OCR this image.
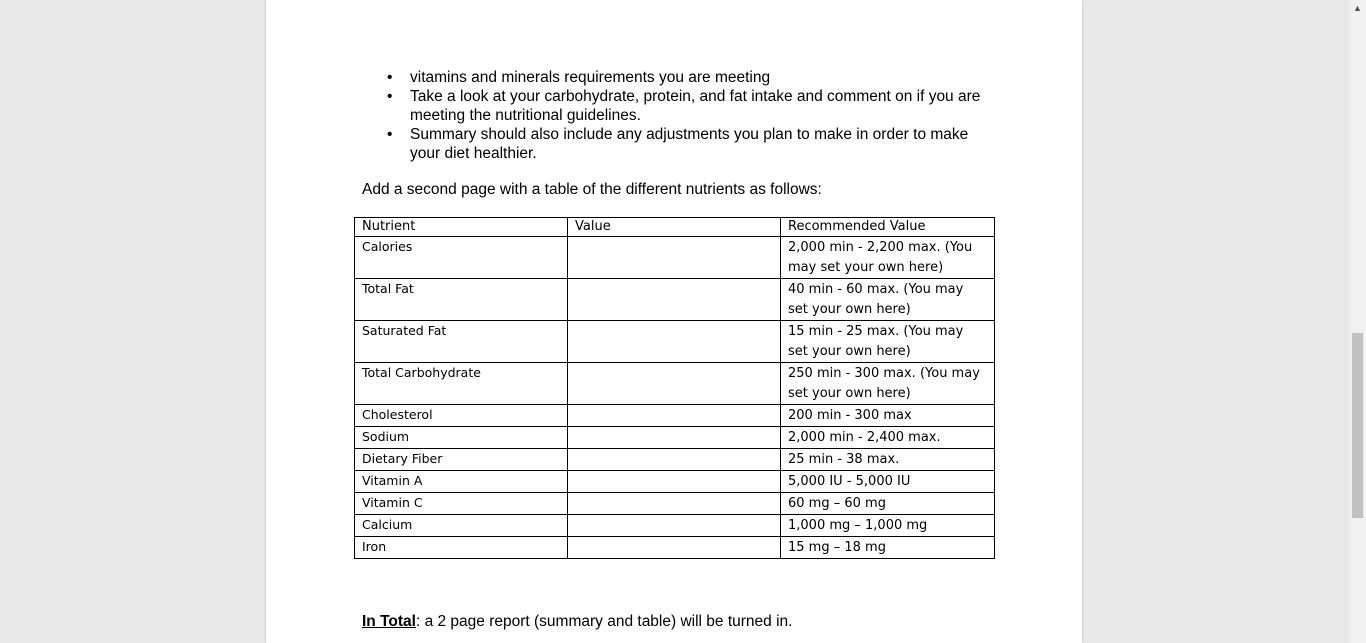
• vitamins and minerals requirements you are meeting
• Take a look at your carbohydrate, protein, and fat intake and comment on if you are meeting the nutritional guidelines.
• Summary should also include any adjustments you plan to make in order to make your diet healthier.

Add a second page with a table of the different nutrients as follows:

Nutrient	Value	Recommended Value
Calories		2,000 min - 2,200 max. (You may set your own here)
Total Fat		40 min - 60 max. (You may set your own here)
Saturated Fat		15 min - 25 max. (You may set your own here)
Total Carbohydrate		250 min - 300 max. (You may set your own here)
Cholesterol		200 min - 300 max
Sodium		2,000 min - 2,400 max.
Dietary Fiber		25 min - 38 max.
Vitamin A		5,000 IU - 5,000 IU
Vitamin C		60 mg – 60 mg
Calcium		1,000 mg – 1,000 mg
Iron		15 mg – 18 mg

In Total: a 2 page report (summary and table) will be turned in.

▲
